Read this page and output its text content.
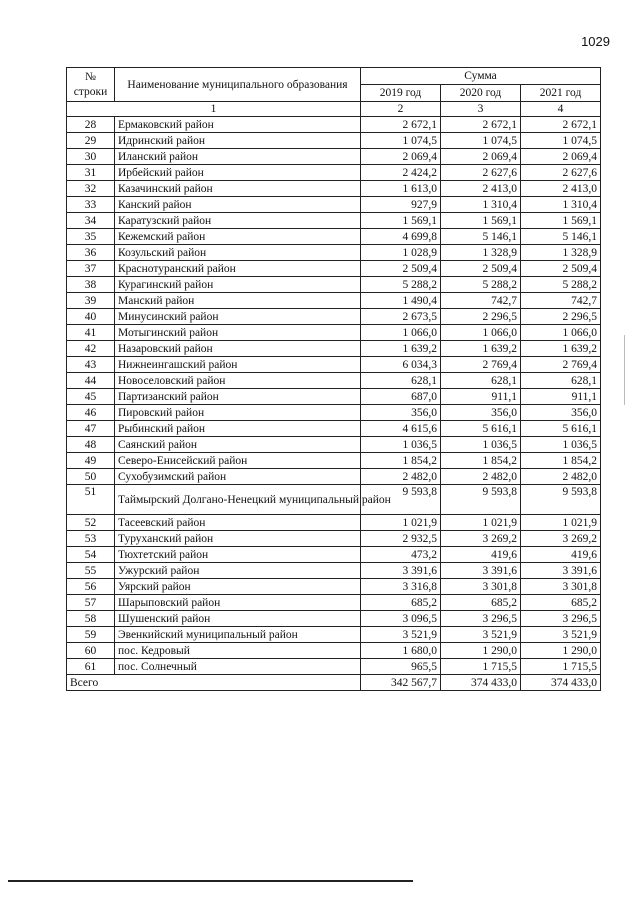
1029
№
строки	Наименование муниципального образования	Сумма		
		2019 год	2020 год	2021 год
1		2	3	4
28	Ермаковский район	2 672,1	2 672,1	2 672,1
29	Идринский район	1 074,5	1 074,5	1 074,5
30	Иланский район	2 069,4	2 069,4	2 069,4
31	Ирбейский район	2 424,2	2 627,6	2 627,6
32	Казачинский район	1 613,0	2 413,0	2 413,0
33	Канский район	927,9	1 310,4	1 310,4
34	Каратузский район	1 569,1	1 569,1	1 569,1
35	Кежемский район	4 699,8	5 146,1	5 146,1
36	Козульский район	1 028,9	1 328,9	1 328,9
37	Краснотуранский район	2 509,4	2 509,4	2 509,4
38	Курагинский район	5 288,2	5 288,2	5 288,2
39	Манский район	1 490,4	742,7	742,7
40	Минусинский район	2 673,5	2 296,5	2 296,5
41	Мотыгинский район	1 066,0	1 066,0	1 066,0
42	Назаровский район	1 639,2	1 639,2	1 639,2
43	Нижнеингашский район	6 034,3	2 769,4	2 769,4
44	Новоселовский район	628,1	628,1	628,1
45	Партизанский район	687,0	911,1	911,1
46	Пировский район	356,0	356,0	356,0
47	Рыбинский район	4 615,6	5 616,1	5 616,1
48	Саянский район	1 036,5	1 036,5	1 036,5
49	Северо-Енисейский район	1 854,2	1 854,2	1 854,2
50	Сухобузимский район	2 482,0	2 482,0	2 482,0
51	Таймырский Долгано-Ненецкий муниципальный район	9 593,8	9 593,8	9 593,8
52	Тасеевский район	1 021,9	1 021,9	1 021,9
53	Туруханский район	2 932,5	3 269,2	3 269,2
54	Тюхтетский район	473,2	419,6	419,6
55	Ужурский район	3 391,6	3 391,6	3 391,6
56	Уярский район	3 316,8	3 301,8	3 301,8
57	Шарыповский район	685,2	685,2	685,2
58	Шушенский район	3 096,5	3 296,5	3 296,5
59	Эвенкийский муниципальный район	3 521,9	3 521,9	3 521,9
60	пос. Кедровый	1 680,0	1 290,0	1 290,0
61	пос. Солнечный	965,5	1 715,5	1 715,5
Всего		342 567,7	374 433,0	374 433,0
